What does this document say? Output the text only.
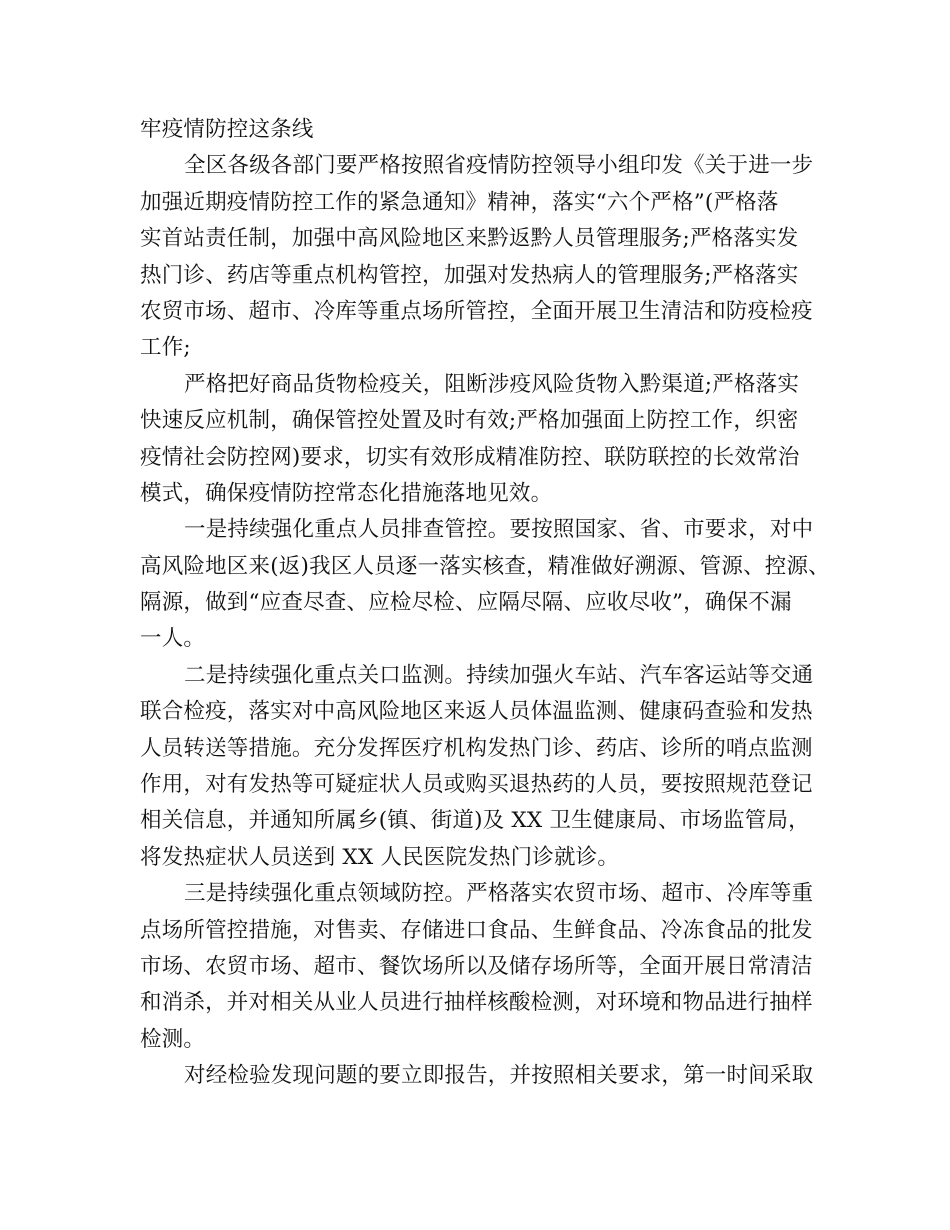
牢疫情防控这条线
全区各级各部门要严格按照省疫情防控领导小组印发《关于进一步
加强近期疫情防控工作的紧急通知》精神，落实“六个严格”(严格落
实首站责任制，加强中高风险地区来黔返黔人员管理服务;严格落实发
热门诊、药店等重点机构管控，加强对发热病人的管理服务;严格落实
农贸市场、超市、冷库等重点场所管控，全面开展卫生清洁和防疫检疫
工作;
严格把好商品货物检疫关，阻断涉疫风险货物入黔渠道;严格落实
快速反应机制，确保管控处置及时有效;严格加强面上防控工作，织密
疫情社会防控网)要求，切实有效形成精准防控、联防联控的长效常治
模式，确保疫情防控常态化措施落地见效。
一是持续强化重点人员排查管控。要按照国家、省、市要求，对中
高风险地区来(返)我区人员逐一落实核查，精准做好溯源、管源、控源、
隔源，做到“应查尽查、应检尽检、应隔尽隔、应收尽收”，确保不漏
一人。
二是持续强化重点关口监测。持续加强火车站、汽车客运站等交通
联合检疫，落实对中高风险地区来返人员体温监测、健康码查验和发热
人员转送等措施。充分发挥医疗机构发热门诊、药店、诊所的哨点监测
作用，对有发热等可疑症状人员或购买退热药的人员，要按照规范登记
相关信息，并通知所属乡(镇、街道)及 XX 卫生健康局、市场监管局，
将发热症状人员送到 XX 人民医院发热门诊就诊。
三是持续强化重点领域防控。严格落实农贸市场、超市、冷库等重
点场所管控措施，对售卖、存储进口食品、生鲜食品、冷冻食品的批发
市场、农贸市场、超市、餐饮场所以及储存场所等，全面开展日常清洁
和消杀，并对相关从业人员进行抽样核酸检测，对环境和物品进行抽样
检测。
对经检验发现问题的要立即报告，并按照相关要求，第一时间采取
